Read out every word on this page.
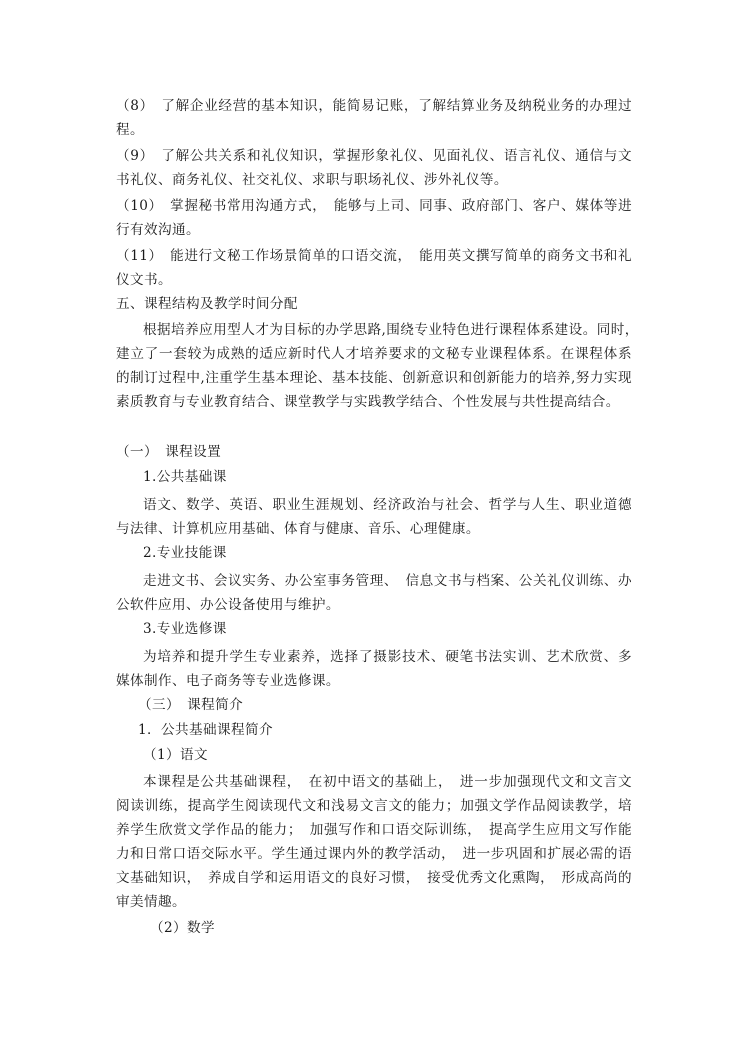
（8）　了解企业经营的基本知识，能简易记账，了解结算业务及纳税业务的办理过程。

（9）　了解公共关系和礼仪知识，掌握形象礼仪、见面礼仪、语言礼仪、通信与文书礼仪、商务礼仪、社交礼仪、求职与职场礼仪、涉外礼仪等。

（10）　掌握秘书常用沟通方式，　能够与上司、同事、政府部门、客户、媒体等进行有效沟通。

（11）　能进行文秘工作场景简单的口语交流，　能用英文撰写简单的商务文书和礼仪文书。

五、课程结构及教学时间分配

根据培养应用型人才为目标的办学思路,围绕专业特色进行课程体系建设。同时，　建立了一套较为成熟的适应新时代人才培养要求的文秘专业课程体系。在课程体系的制订过程中,注重学生基本理论、基本技能、创新意识和创新能力的培养,努力实现素质教育与专业教育结合、课堂教学与实践教学结合、个性发展与共性提高结合。

（一）　课程设置

1.公共基础课

语文、数学、英语、职业生涯规划、经济政治与社会、哲学与人生、职业道德与法律、计算机应用基础、体育与健康、音乐、心理健康。

2.专业技能课

走进文书、会议实务、办公室事务管理、　信息文书与档案、公关礼仪训练、办公软件应用、办公设备使用与维护。

3.专业选修课

为培养和提升学生专业素养，选择了摄影技术、硬笔书法实训、艺术欣赏、多媒体制作、电子商务等专业选修课。

（三）　课程简介

1．公共基础课程简介

（1）语文

本课程是公共基础课程，　在初中语文的基础上，　进一步加强现代文和文言文阅读训练，提高学生阅读现代文和浅易文言文的能力；加强文学作品阅读教学，培养学生欣赏文学作品的能力；　加强写作和口语交际训练，　提高学生应用文写作能力和日常口语交际水平。学生通过课内外的教学活动，　进一步巩固和扩展必需的语文基础知识，　养成自学和运用语文的良好习惯，　接受优秀文化熏陶，　形成高尚的审美情趣。

（2）数学
